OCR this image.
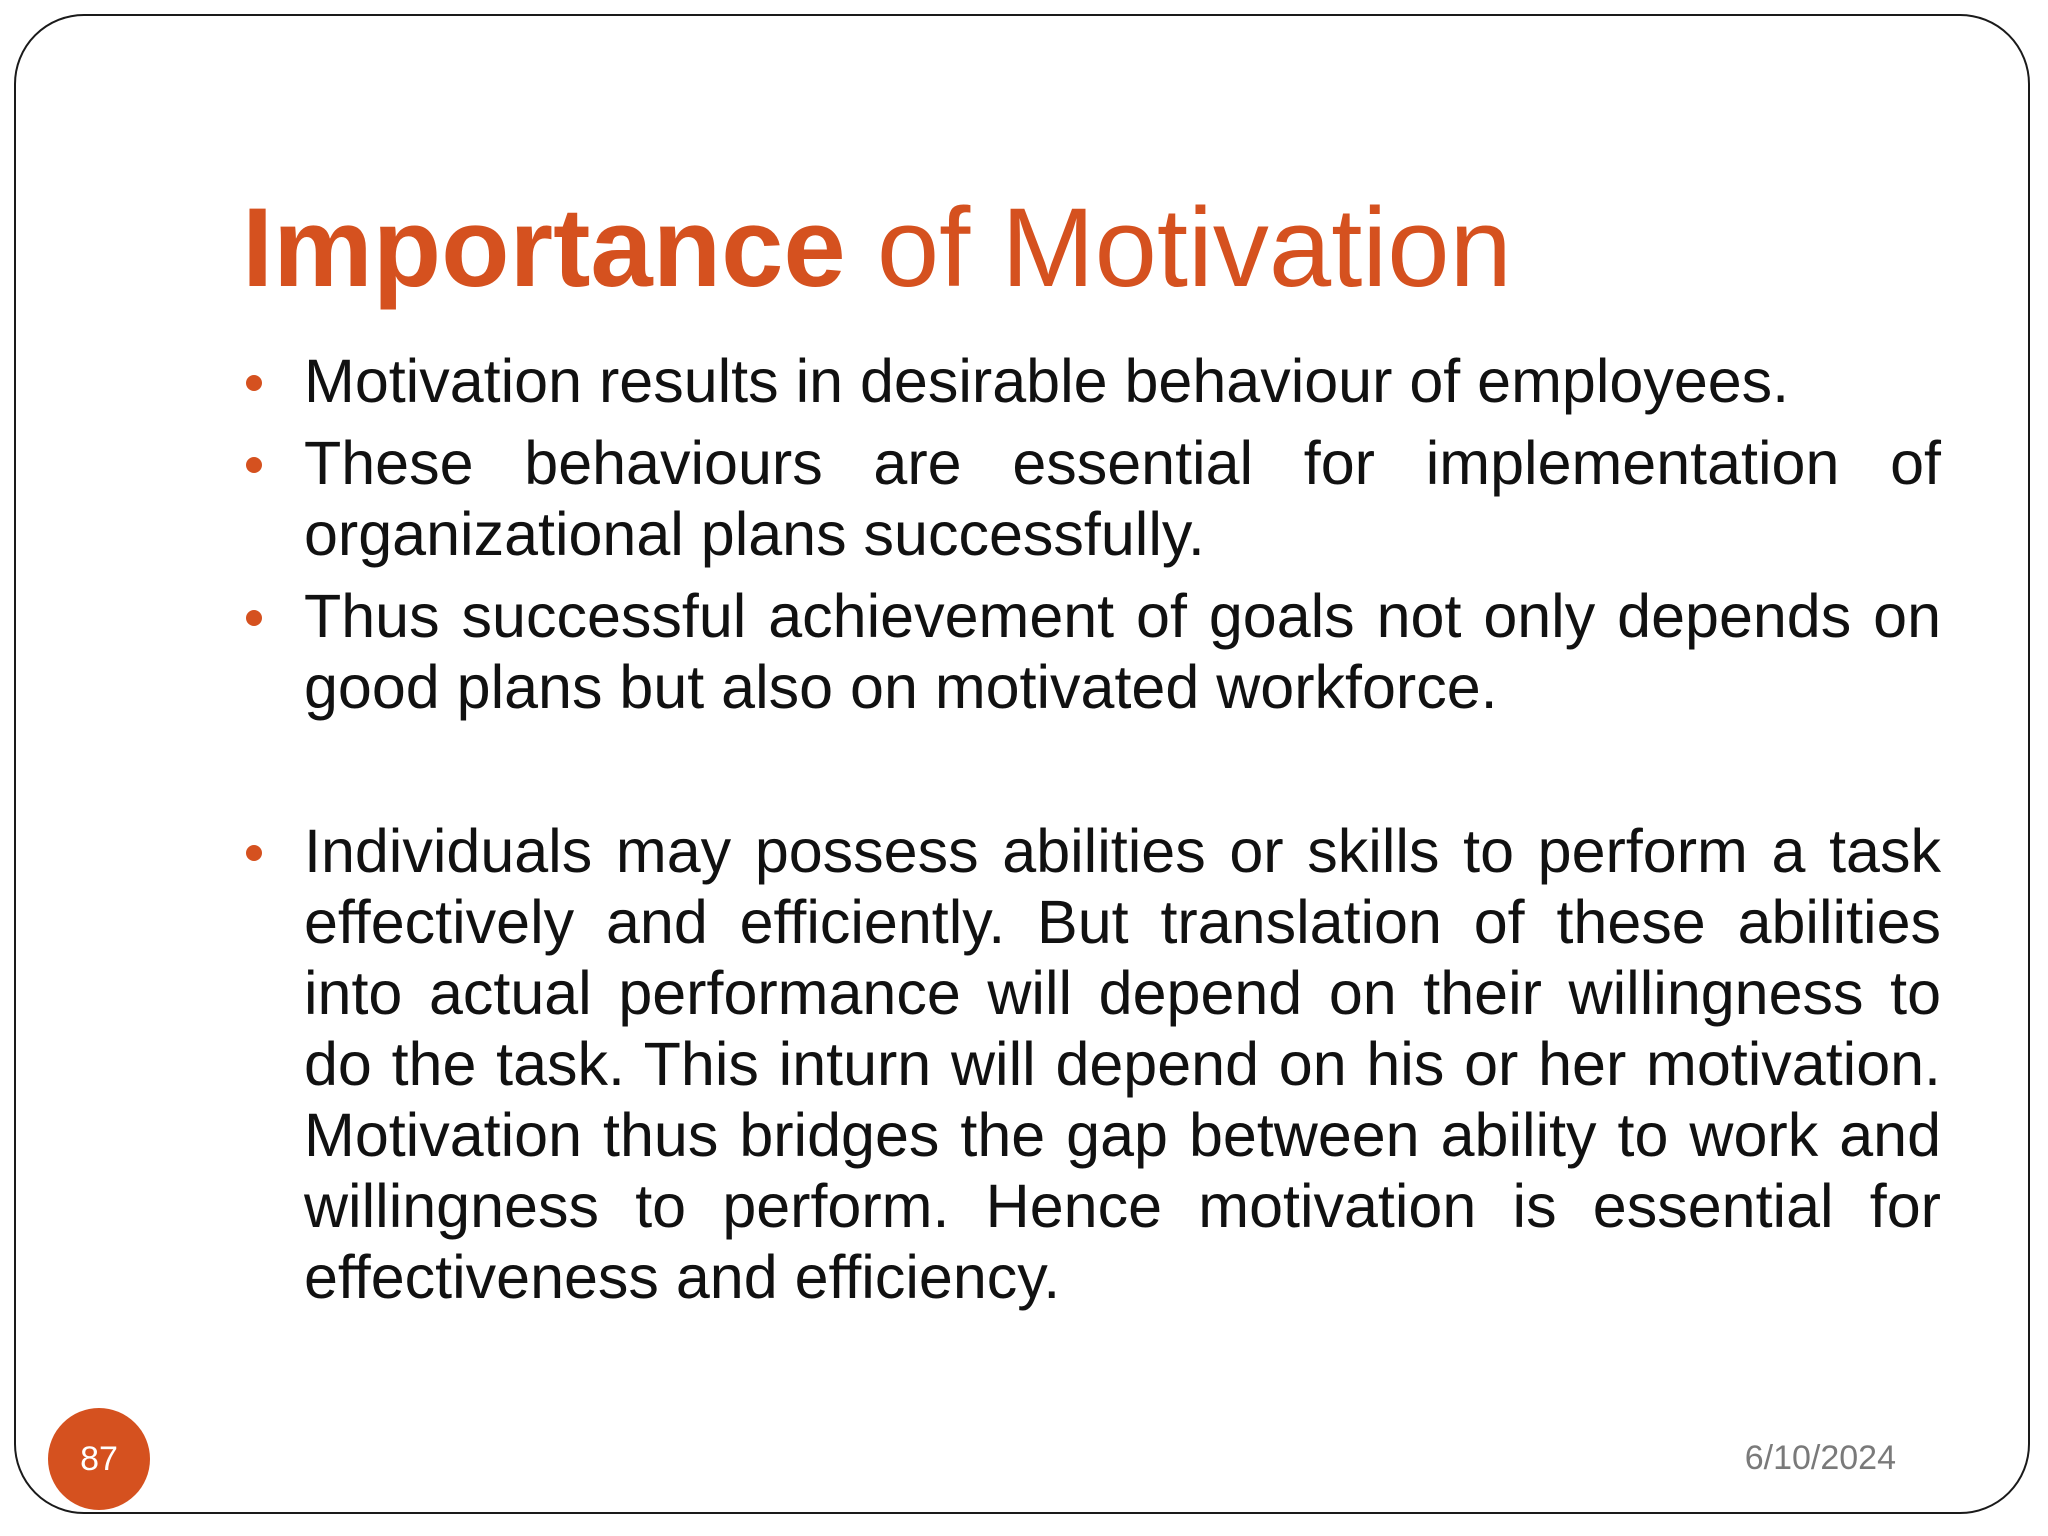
Importance of Motivation
Motivation results in desirable behaviour of employees.
These behaviours are essential for implementation of organizational plans successfully.
Thus successful achievement of goals not only depends on good plans but also on motivated workforce.
Individuals may possess abilities or skills to perform a task effectively and efficiently. But translation of these abilities into actual performance will depend on their willingness to do the task. This inturn will depend on his or her motivation. Motivation thus bridges the gap between ability to work and willingness to perform. Hence motivation is essential for effectiveness and efficiency.
87	6/10/2024
